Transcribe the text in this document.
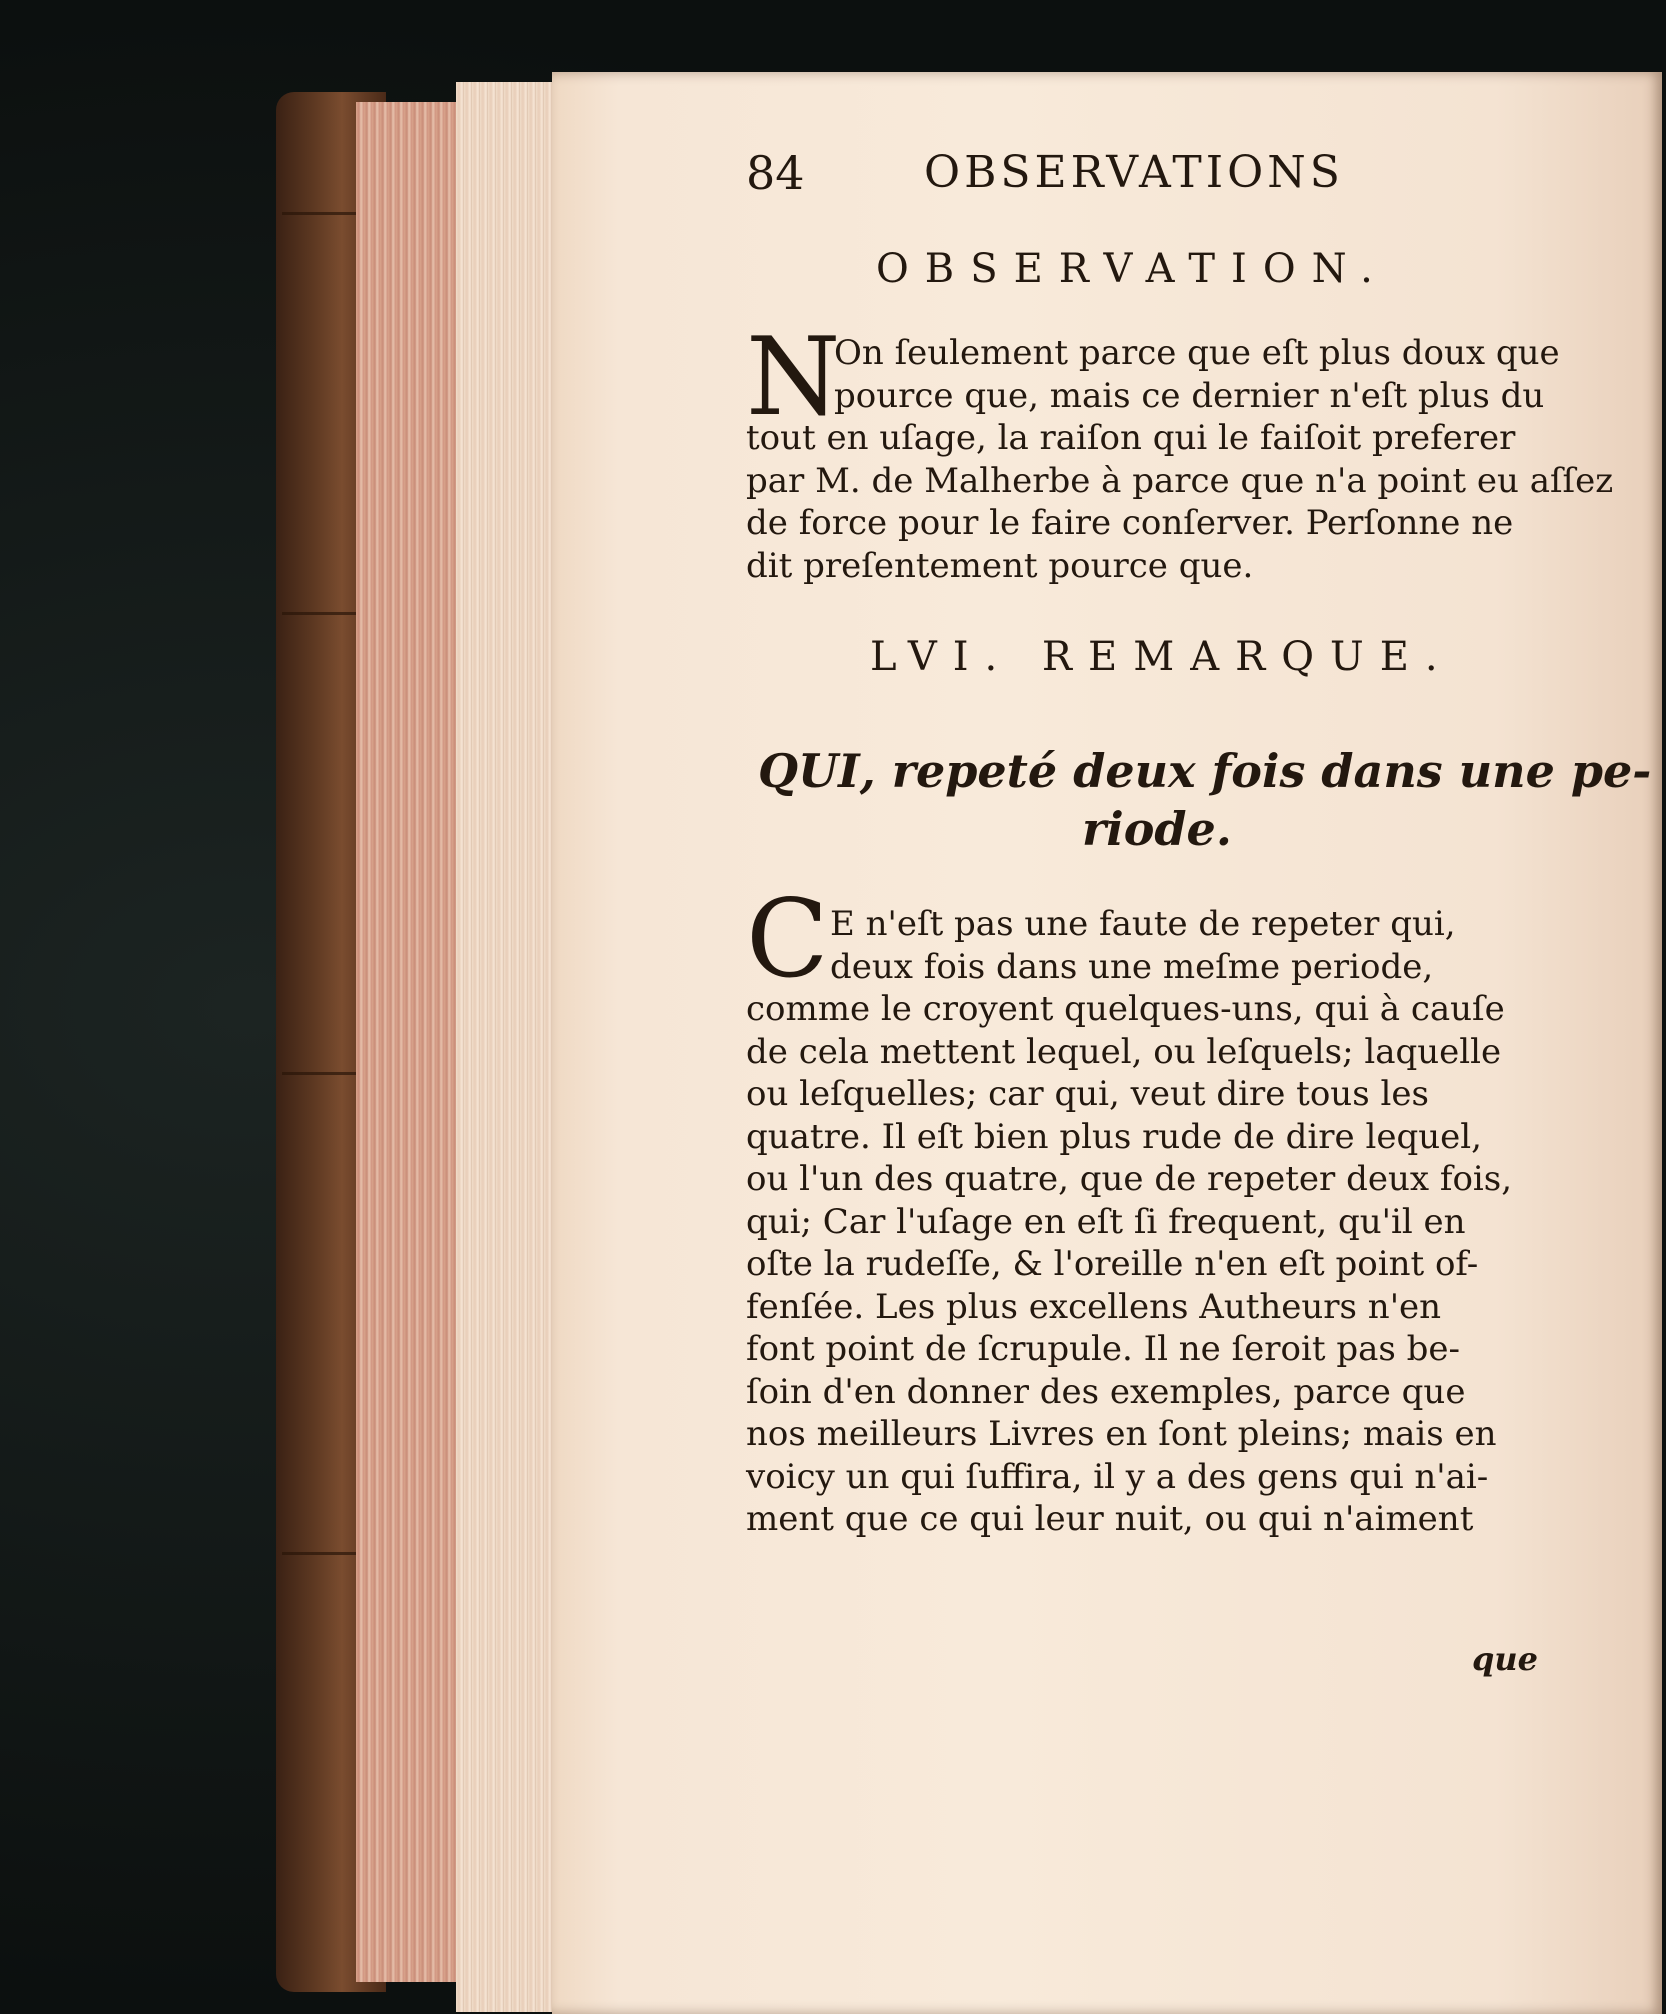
84	OBSERVATIONS
OBSERVATION.
N
On ſeulement parce que eſt plus doux que
pource que, mais ce dernier n'eſt plus du
tout en uſage, la raiſon qui le faiſoit preferer
par M. de Malherbe à parce que n'a point eu aſſez
de force pour le faire conſerver. Perſonne ne
dit preſentement pource que.
LVI. REMARQUE.
QUI, repeté deux fois dans une pe-
riode.
C E n'eſt pas une faute de repeter qui,
deux fois dans une meſme periode,
comme le croyent quelques-uns, qui à cauſe
de cela mettent lequel, ou leſquels; laquelle
ou leſquelles; car qui, veut dire tous les
quatre. Il eſt bien plus rude de dire lequel,
ou l'un des quatre, que de repeter deux fois,
qui; Car l'uſage en eſt ſi frequent, qu'il en
oſte la rudeſſe, & l'oreille n'en eſt point of-
fenſée. Les plus excellens Autheurs n'en
font point de ſcrupule. Il ne ſeroit pas be-
ſoin d'en donner des exemples, parce que
nos meilleurs Livres en ſont pleins; mais en
voicy un qui ſuffira, il y a des gens qui n'ai-
ment que ce qui leur nuit, ou qui n'aiment
que
